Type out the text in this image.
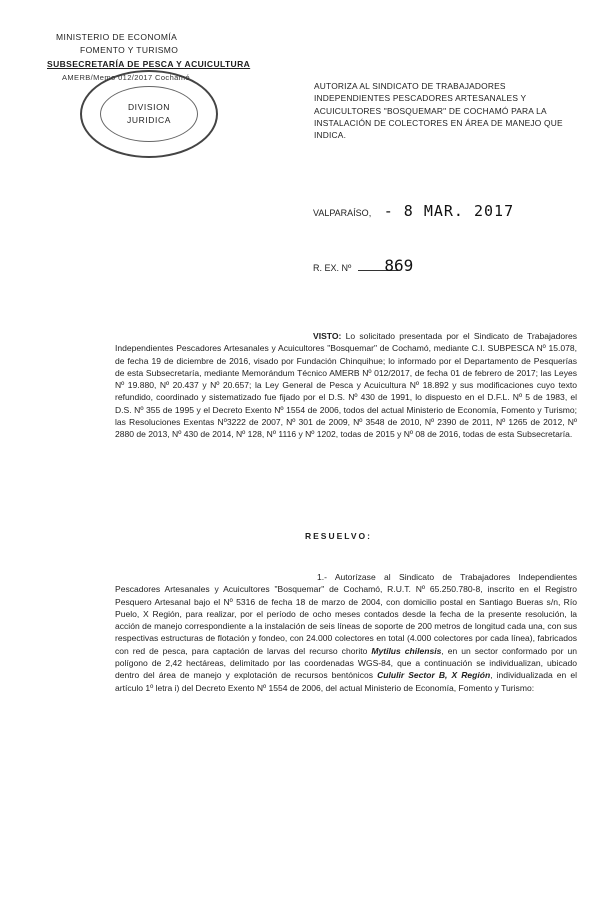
MINISTERIO DE ECONOMÍA
FOMENTO Y TURISMO
SUBSECRETARÍA DE PESCA Y ACUICULTURA
DIVISION
JURIDICA
AMERB/Memo 012/2017 Cochamó
AUTORIZA AL SINDICATO DE TRABAJADORES INDEPENDIENTES PESCADORES ARTESANALES Y ACUICULTORES "BOSQUEMAR" DE COCHAMÓ PARA LA INSTALACIÓN DE COLECTORES EN ÁREA DE MANEJO QUE INDICA.
VALPARAÍSO, - 8 MAR. 2017
R. EX. Nº 869

VISTO: Lo solicitado presentada por el Sindicato de Trabajadores Independientes Pescadores Artesanales y Acuicultores "Bosquemar" de Cochamó, mediante C.I. SUBPESCA Nº 15.078, de fecha 19 de diciembre de 2016, visado por Fundación Chinquihue; lo informado por el Departamento de Pesquerías de esta Subsecretaría, mediante Memorándum Técnico AMERB Nº 012/2017, de fecha 01 de febrero de 2017; las Leyes Nº 19.880, Nº 20.437 y Nº 20.657; la Ley General de Pesca y Acuicultura Nº 18.892 y sus modificaciones cuyo texto refundido, coordinado y sistematizado fue fijado por el D.S. Nº 430 de 1991, lo dispuesto en el D.F.L. Nº 5 de 1983, el D.S. Nº 355 de 1995 y el Decreto Exento Nº 1554 de 2006, todos del actual Ministerio de Economía, Fomento y Turismo; las Resoluciones Exentas Nº3222 de 2007, Nº 301 de 2009, Nº 3548 de 2010, Nº 2390 de 2011, Nº 1265 de 2012, Nº 2880 de 2013, Nº 430 de 2014, Nº 128, Nº 1116 y Nº 1202, todas de 2015 y Nº 08 de 2016, todas de esta Subsecretaría.

RESUELVO:

1.- Autorízase al Sindicato de Trabajadores Independientes Pescadores Artesanales y Acuicultores "Bosquemar" de Cochamó, R.U.T. Nº 65.250.780-8, inscrito en el Registro Pesquero Artesanal bajo el Nº 5316 de fecha 18 de marzo de 2004, con domicilio postal en Santiago Bueras s/n, Río Puelo, X Región, para realizar, por el período de ocho meses contados desde la fecha de la presente resolución, la acción de manejo correspondiente a la instalación de seis líneas de soporte de 200 metros de longitud cada una, con sus respectivas estructuras de flotación y fondeo, con 24.000 colectores en total (4.000 colectores por cada línea), fabricados con red de pesca, para captación de larvas del recurso chorito Mytilus chilensis, en un sector conformado por un polígono de 2,42 hectáreas, delimitado por las coordenadas WGS-84, que a continuación se individualizan, ubicado dentro del área de manejo y explotación de recursos bentónicos Cululir Sector B, X Región, individualizada en el artículo 1º letra i) del Decreto Exento Nº 1554 de 2006, del actual Ministerio de Economía, Fomento y Turismo:
